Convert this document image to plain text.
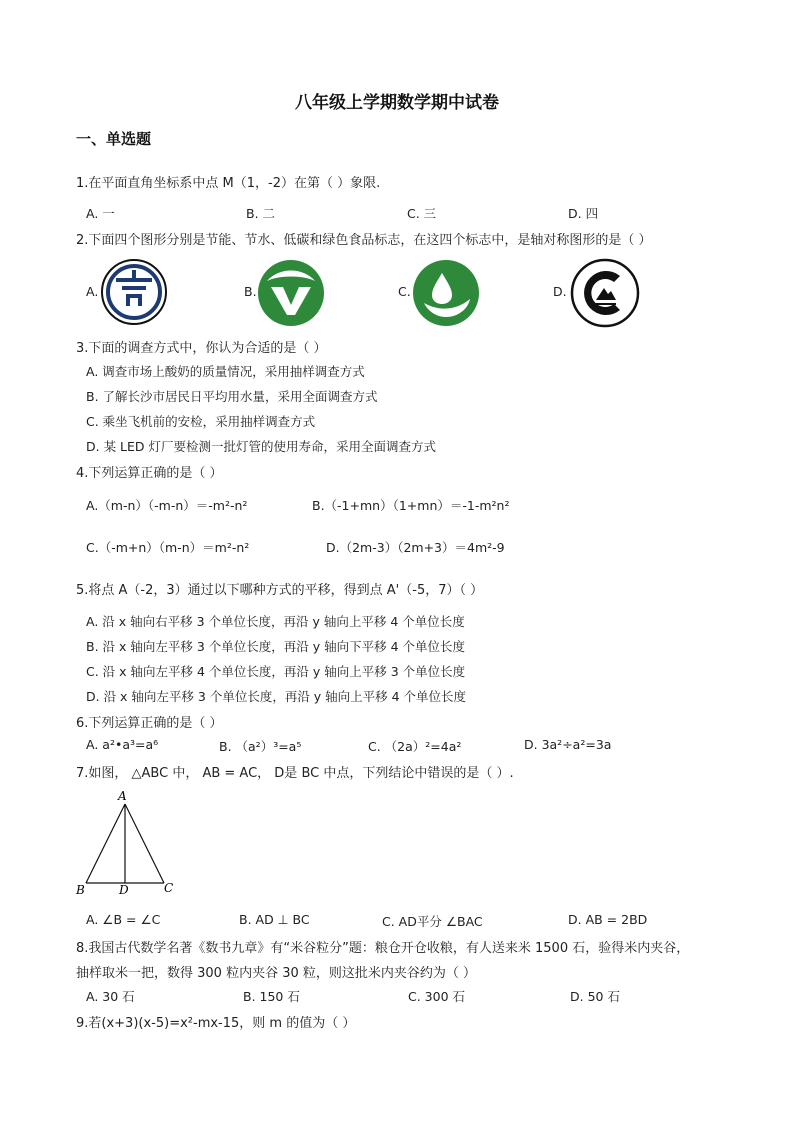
八年级上学期数学期中试卷
一、单选题
1.在平面直角坐标系中点 M（1，-2）在第（ ）象限.
A. 一	B. 二	C. 三	D. 四
2.下面四个图形分别是节能、节水、低碳和绿色食品标志，在这四个标志中，是轴对称图形的是（ ）
A.	B.	C.	D.
3.下面的调查方式中，你认为合适的是（ ）
A. 调查市场上酸奶的质量情况，采用抽样调查方式
B. 了解长沙市居民日平均用水量，采用全面调查方式
C. 乘坐飞机前的安检，采用抽样调查方式
D. 某 LED 灯厂要检测一批灯管的使用寿命，采用全面调查方式
4.下列运算正确的是（ ）
A.（m-n）（-m-n）＝-m²-n²	B.（-1+mn）（1+mn）＝-1-m²n²
C.（-m+n）（m-n）＝m²-n²	D.（2m-3）（2m+3）＝4m²-9
5.将点 A（-2，3）通过以下哪种方式的平移，得到点 A'（-5，7）（ ）
A. 沿 x 轴向右平移 3 个单位长度，再沿 y 轴向上平移 4 个单位长度
B. 沿 x 轴向左平移 3 个单位长度，再沿 y 轴向下平移 4 个单位长度
C. 沿 x 轴向左平移 4 个单位长度，再沿 y 轴向上平移 3 个单位长度
D. 沿 x 轴向左平移 3 个单位长度，再沿 y 轴向上平移 4 个单位长度
6.下列运算正确的是（ ）
A. a²•a³=a⁶	B. （a²）³=a⁵	C. （2a）²=4a²	D. 3a²÷a²=3a
7.如图， △ABC 中， AB = AC， D是 BC 中点，下列结论中错误的是（ ）.
A
B	D	C
A. ∠B = ∠C	B. AD ⊥ BC	C. AD平分 ∠BAC	D. AB = 2BD
8.我国古代数学名著《数书九章》有“米谷粒分”题：粮仓开仓收粮，有人送来米 1500 石，验得米内夹谷，
抽样取米一把，数得 300 粒内夹谷 30 粒，则这批米内夹谷约为（ ）
A. 30 石	B. 150 石	C. 300 石	D. 50 石
9.若(x+3)(x-5)=x²-mx-15，则 m 的值为（ ）
